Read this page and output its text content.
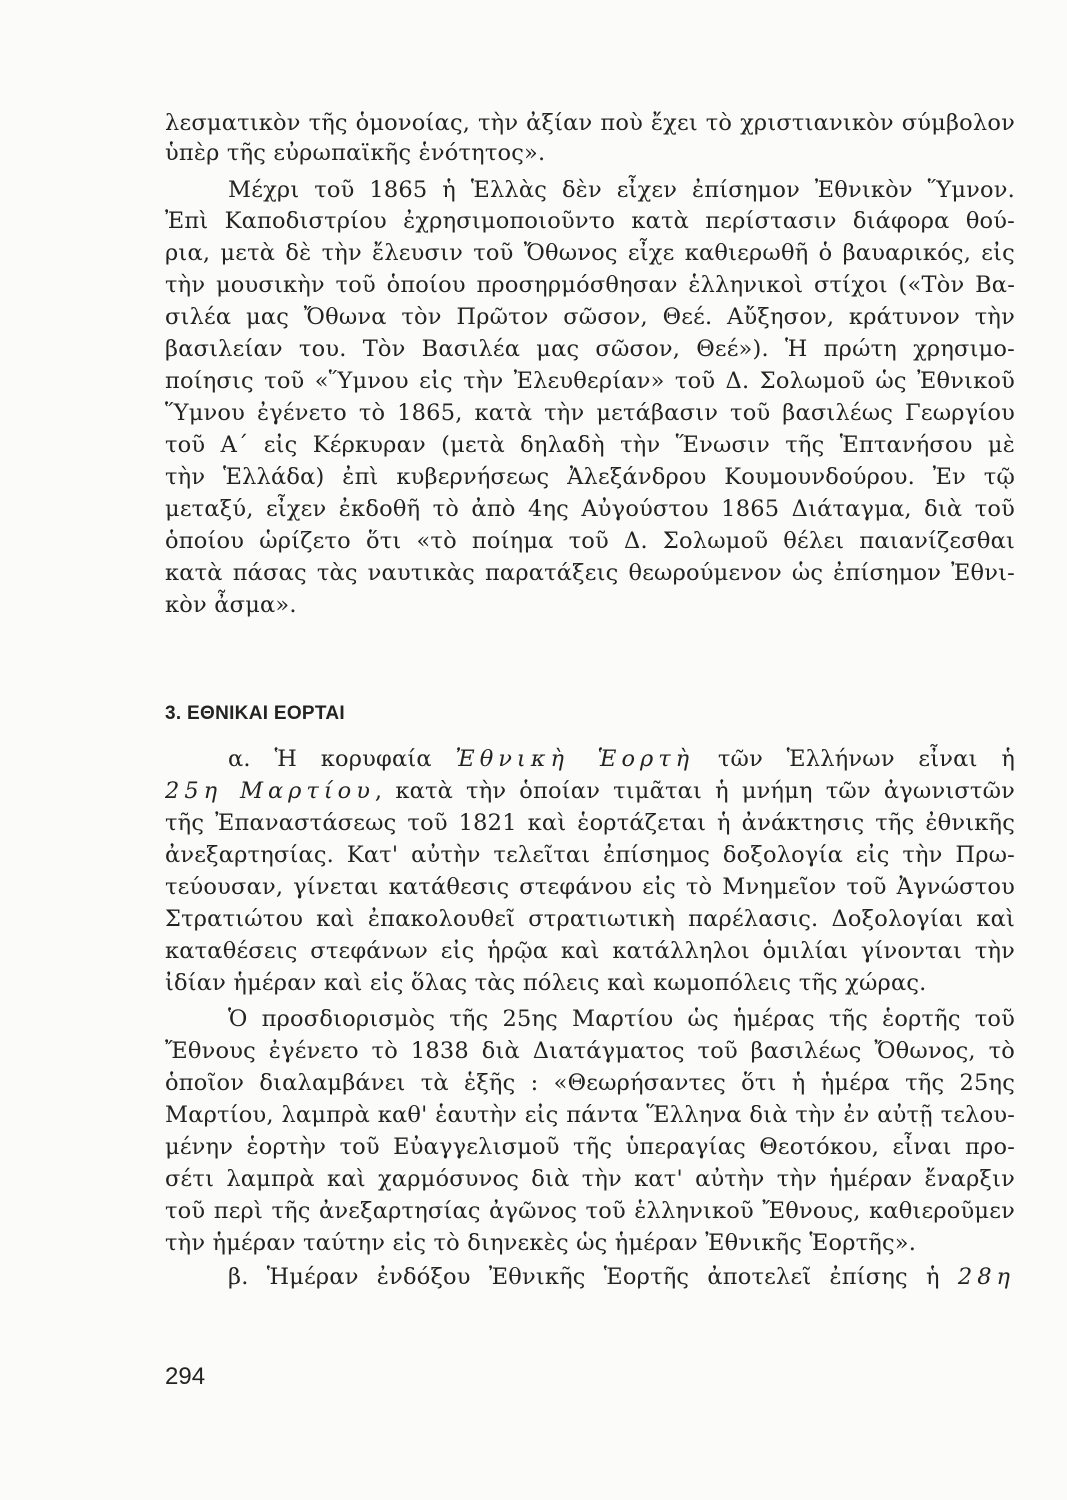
λεσματικὸν τῆς ὁμονοίας, τὴν ἀξίαν ποὺ ἔχει τὸ χριστιανικὸν σύμβολον
ὑπὲρ τῆς εὐρωπαϊκῆς ἑνότητος».
Μέχρι τοῦ 1865 ἡ Ἑλλὰς δὲν εἶχεν ἐπίσημον Ἐθνικὸν Ὕμνον.
Ἐπὶ Καποδιστρίου ἐχρησιμοποιοῦντο κατὰ περίστασιν διάφορα θού-
ρια, μετὰ δὲ τὴν ἔλευσιν τοῦ Ὄθωνος εἶχε καθιερωθῆ ὁ βαυαρικός, εἰς
τὴν μουσικὴν τοῦ ὁποίου προσηρμόσθησαν ἑλληνικοὶ στίχοι («Τὸν Βα-
σιλέα μας Ὄθωνα τὸν Πρῶτον σῶσον, Θεέ. Αὔξησον, κράτυνον τὴν
βασιλείαν του. Τὸν Βασιλέα μας σῶσον, Θεέ»). Ἡ πρώτη χρησιμο-
ποίησις τοῦ «Ὕμνου εἰς τὴν Ἐλευθερίαν» τοῦ Δ. Σολωμοῦ ὡς Ἐθνικοῦ
Ὕμνου ἐγένετο τὸ 1865, κατὰ τὴν μετάβασιν τοῦ βασιλέως Γεωργίου
τοῦ Α΄ εἰς Κέρκυραν (μετὰ δηλαδὴ τὴν Ἕνωσιν τῆς Ἑπτανήσου μὲ
τὴν Ἑλλάδα) ἐπὶ κυβερνήσεως Ἀλεξάνδρου Κουμουνδούρου. Ἐν τῷ
μεταξύ, εἶχεν ἐκδοθῆ τὸ ἀπὸ 4ης Αὐγούστου 1865 Διάταγμα, διὰ τοῦ
ὁποίου ὡρίζετο ὅτι «τὸ ποίημα τοῦ Δ. Σολωμοῦ θέλει παιανίζεσθαι
κατὰ πάσας τὰς ναυτικὰς παρατάξεις θεωρούμενον ὡς ἐπίσημον Ἐθνι-
κὸν ἆσμα».
3. ΕΘΝΙΚΑΙ ΕΟΡΤΑΙ
α. Ἡ κορυφαία Ἐθνικὴ Ἑορτὴ τῶν Ἑλλήνων εἶναι ἡ
25η Μαρτίου, κατὰ τὴν ὁποίαν τιμᾶται ἡ μνήμη τῶν ἀγωνιστῶν
τῆς Ἐπαναστάσεως τοῦ 1821 καὶ ἑορτάζεται ἡ ἀνάκτησις τῆς ἐθνικῆς
ἀνεξαρτησίας. Κατ' αὐτὴν τελεῖται ἐπίσημος δοξολογία εἰς τὴν Πρω-
τεύουσαν, γίνεται κατάθεσις στεφάνου εἰς τὸ Μνημεῖον τοῦ Ἀγνώστου
Στρατιώτου καὶ ἐπακολουθεῖ στρατιωτικὴ παρέλασις. Δοξολογίαι καὶ
καταθέσεις στεφάνων εἰς ἡρῷα καὶ κατάλληλοι ὁμιλίαι γίνονται τὴν
ἰδίαν ἡμέραν καὶ εἰς ὅλας τὰς πόλεις καὶ κωμοπόλεις τῆς χώρας.
Ὁ προσδιορισμὸς τῆς 25ης Μαρτίου ὡς ἡμέρας τῆς ἑορτῆς τοῦ
Ἔθνους ἐγένετο τὸ 1838 διὰ Διατάγματος τοῦ βασιλέως Ὄθωνος, τὸ
ὁποῖον διαλαμβάνει τὰ ἑξῆς : «Θεωρήσαντες ὅτι ἡ ἡμέρα τῆς 25ης
Μαρτίου, λαμπρὰ καθ' ἑαυτὴν εἰς πάντα Ἕλληνα διὰ τὴν ἐν αὐτῇ τελου-
μένην ἑορτὴν τοῦ Εὐαγγελισμοῦ τῆς ὑπεραγίας Θεοτόκου, εἶναι προ-
σέτι λαμπρὰ καὶ χαρμόσυνος διὰ τὴν κατ' αὐτὴν τὴν ἡμέραν ἔναρξιν
τοῦ περὶ τῆς ἀνεξαρτησίας ἀγῶνος τοῦ ἑλληνικοῦ Ἔθνους, καθιεροῦμεν
τὴν ἡμέραν ταύτην εἰς τὸ διηνεκὲς ὡς ἡμέραν Ἐθνικῆς Ἑορτῆς».
β. Ἡμέραν ἐνδόξου Ἐθνικῆς Ἑορτῆς ἀποτελεῖ ἐπίσης ἡ 28η
294
